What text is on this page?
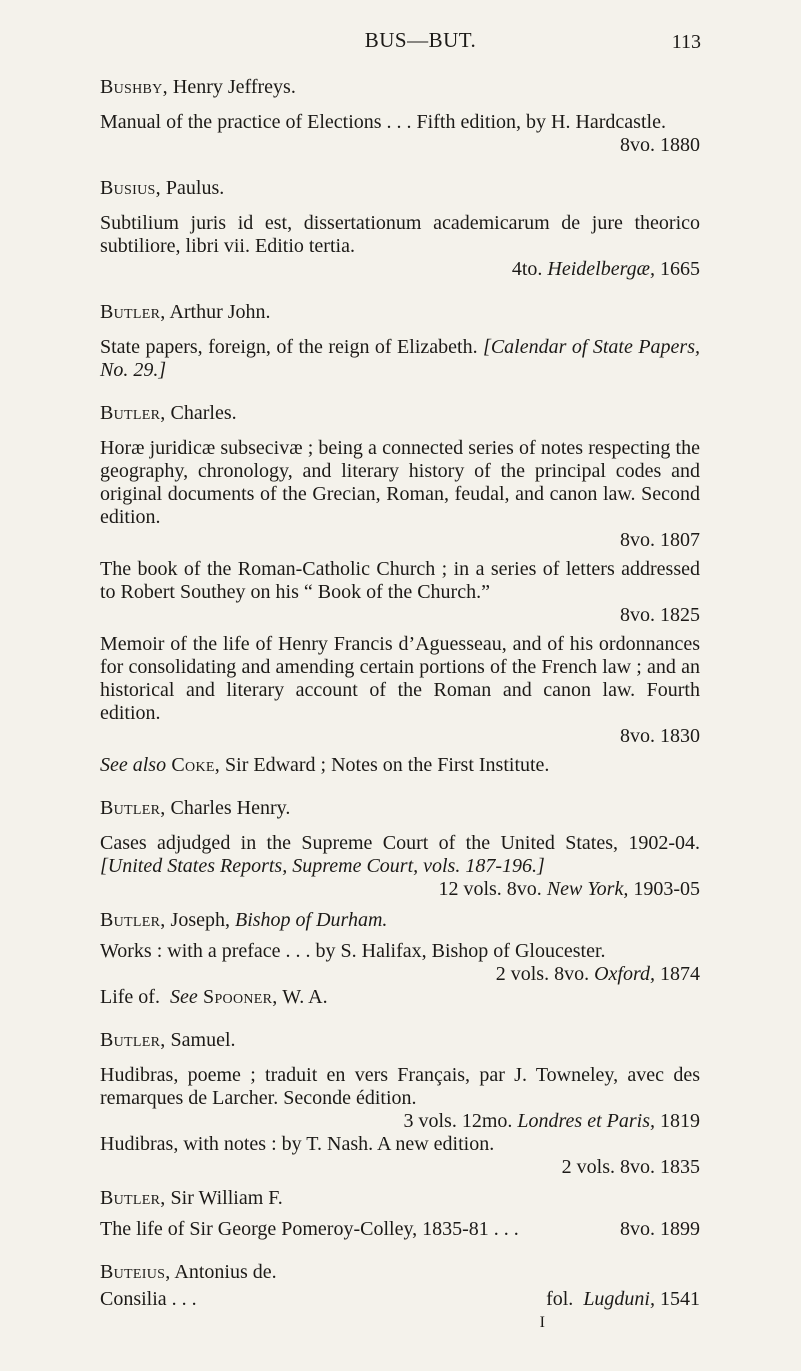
BUS—BUT.	113
Bushby, Henry Jeffreys.
Manual of the practice of Elections . . . Fifth edition, by H. Hardcastle.
8vo. 1880
Busius, Paulus.
Subtilium juris id est, dissertationum academicarum de jure theorico subtiliore, libri vii. Editio tertia.
4to. Heidelbergæ, 1665
Butler, Arthur John.
State papers, foreign, of the reign of Elizabeth. [Calendar of State Papers, No. 29.]
Butler, Charles.
Horæ juridicæ subsecivæ ; being a connected series of notes respecting the geography, chronology, and literary history of the principal codes and original documents of the Grecian, Roman, feudal, and canon law. Second edition.
8vo. 1807
The book of the Roman-Catholic Church ; in a series of letters addressed to Robert Southey on his “ Book of the Church.”
8vo. 1825
Memoir of the life of Henry Francis d’Aguesseau, and of his ordonnances for consolidating and amending certain portions of the French law ; and an historical and literary account of the Roman and canon law. Fourth edition.
8vo. 1830
See also Coke, Sir Edward ; Notes on the First Institute.
Butler, Charles Henry.
Cases adjudged in the Supreme Court of the United States, 1902-04. [United States Reports, Supreme Court, vols. 187-196.]
12 vols. 8vo. New York, 1903-05
Butler, Joseph, Bishop of Durham.
Works : with a preface . . . by S. Halifax, Bishop of Gloucester.
2 vols. 8vo. Oxford, 1874
Life of. See Spooner, W. A.
Butler, Samuel.
Hudibras, poeme ; traduit en vers Français, par J. Towneley, avec des remarques de Larcher. Seconde édition.
3 vols. 12mo. Londres et Paris, 1819
Hudibras, with notes : by T. Nash. A new edition.
2 vols. 8vo. 1835
Butler, Sir William F.
The life of Sir George Pomeroy-Colley, 1835-81 . . .	8vo. 1899
Buteius, Antonius de.
Consilia . . .	fol. Lugduni, 1541
I
